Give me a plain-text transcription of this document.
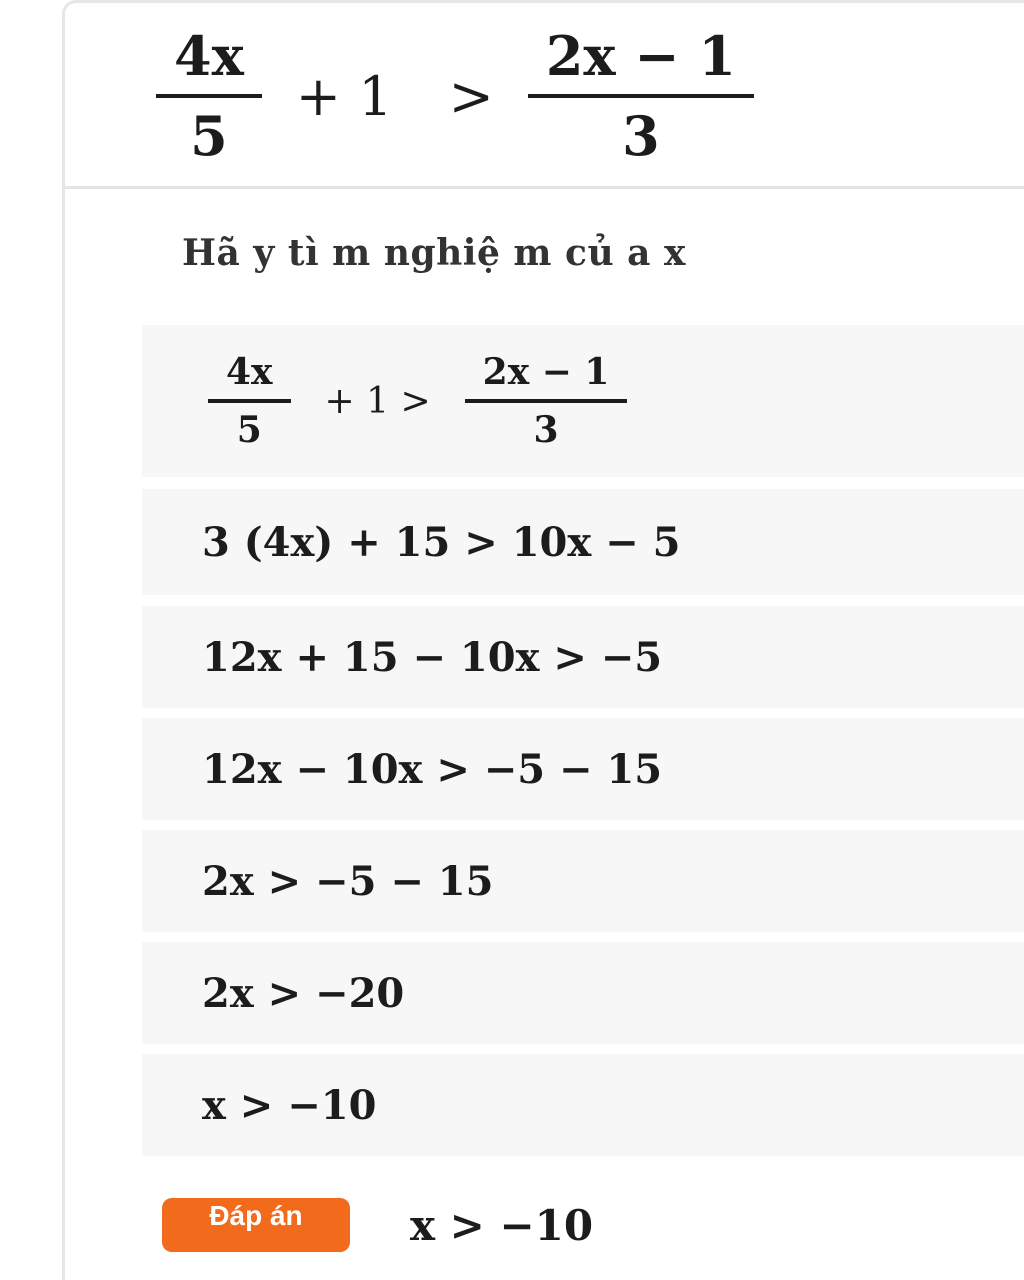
$\frac{4x}{5} + 1 > \frac{2x - 1}{3}$
Hã y tì m nghiệ m củ a x
$\frac{4x}{5} + 1 > \frac{2x - 1}{3}$
3 (4x) + 15 > 10x − 5
12x + 15 − 10x > −5
12x − 10x > −5 − 15
2x > −5 − 15
2x > −20
x > −10
Đáp án	x > −10
